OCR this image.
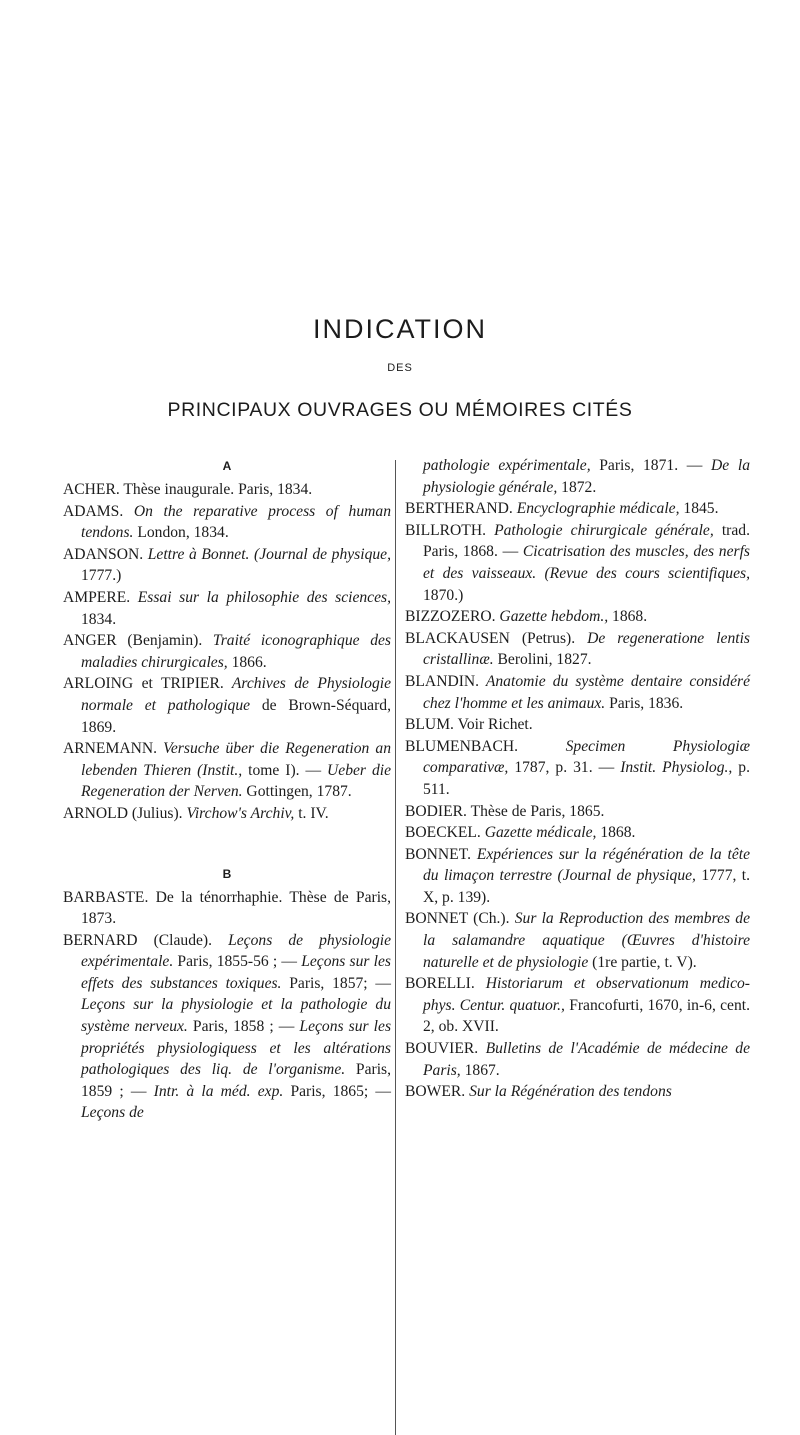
INDICATION
DES
PRINCIPAUX OUVRAGES OU MÉMOIRES CITÉS
A

ACHER. Thèse inaugurale. Paris, 1834.

ADAMS. On the reparative process of human tendons. London, 1834.

ADANSON. Lettre à Bonnet. (Journal de physique, 1777.)

AMPERE. Essai sur la philosophie des sciences, 1834.

ANGER (Benjamin). Traité iconographique des maladies chirurgicales, 1866.

ARLOING et TRIPIER. Archives de Physiologie normale et pathologique de Brown-Séquard, 1869.

ARNEMANN. Versuche über die Regeneration an lebenden Thieren (Instit., tome I). — Ueber die Regeneration der Nerven. Gottingen, 1787.

ARNOLD (Julius). Virchow's Archiv, t. IV.

B

BARBASTE. De la ténorrhaphie. Thèse de Paris, 1873.

BERNARD (Claude). Leçons de physiologie expérimentale. Paris, 1855-56 ; — Leçons sur les effets des substances toxiques. Paris, 1857; — Leçons sur la physiologie et la pathologie du système nerveux. Paris, 1858 ; — Leçons sur les propriétés physiologiquess et les altérations pathologiques des liq. de l'organisme. Paris, 1859 ; — Intr. à la méd. exp. Paris, 1865; — Leçons de

pathologie expérimentale, Paris, 1871. — De la physiologie générale, 1872.

BERTHERAND. Encyclographie médicale, 1845.

BILLROTH. Pathologie chirurgicale générale, trad. Paris, 1868. — Cicatrisation des muscles, des nerfs et des vaisseaux. (Revue des cours scientifiques, 1870.)

BIZZOZERO. Gazette hebdom., 1868.

BLACKAUSEN (Petrus). De regeneratione lentis cristallinæ. Berolini, 1827.

BLANDIN. Anatomie du système dentaire considéré chez l'homme et les animaux. Paris, 1836.

BLUM. Voir Richet.

BLUMENBACH. Specimen Physiologiæ comparativæ, 1787, p. 31. — Instit. Physiolog., p. 511.

BODIER. Thèse de Paris, 1865.

BOECKEL. Gazette médicale, 1868.

BONNET. Expériences sur la régénération de la tête du limaçon terrestre (Journal de physique, 1777, t. X, p. 139).

BONNET (Ch.). Sur la Reproduction des membres de la salamandre aquatique (Œuvres d'histoire naturelle et de physiologie (1re partie, t. V).

BORELLI. Historiarum et observationum medico-phys. Centur. quatuor., Francofurti, 1670, in-6, cent. 2, ob. XVII.

BOUVIER. Bulletins de l'Académie de médecine de Paris, 1867.

BOWER. Sur la Régénération des tendons
